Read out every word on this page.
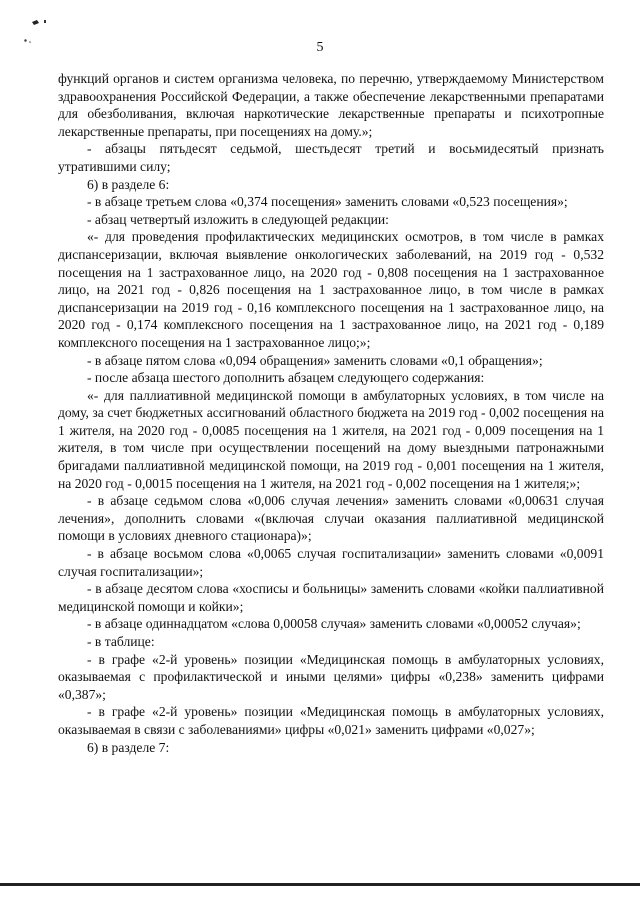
5

функций органов и систем организма человека, по перечню, утверждаемому Министерством здравоохранения Российской Федерации, а также обеспечение лекарственными препаратами для обезболивания, включая наркотические лекарственные препараты и психотропные лекарственные препараты, при посещениях на дому.»;

- абзацы пятьдесят седьмой, шестьдесят третий и восьмидесятый признать утратившими силу;

6) в разделе 6:

- в абзаце третьем слова «0,374 посещения» заменить словами «0,523 посещения»;

- абзац четвертый изложить в следующей редакции:

«- для проведения профилактических медицинских осмотров, в том числе в рамках диспансеризации, включая выявление онкологических заболеваний, на 2019 год - 0,532 посещения на 1 застрахованное лицо, на 2020 год - 0,808 посещения на 1 застрахованное лицо, на 2021 год - 0,826 посещения на 1 застрахованное лицо, в том числе в рамках диспансеризации на 2019 год - 0,16 комплексного посещения на 1 застрахованное лицо, на 2020 год - 0,174 комплексного посещения на 1 застрахованное лицо, на 2021 год - 0,189 комплексного посещения на 1 застрахованное лицо;»;

- в абзаце пятом слова «0,094 обращения» заменить словами «0,1 обращения»;

- после абзаца шестого дополнить абзацем следующего содержания:

«- для паллиативной медицинской помощи в амбулаторных условиях, в том числе на дому, за счет бюджетных ассигнований областного бюджета на 2019 год - 0,002 посещения на 1 жителя, на 2020 год - 0,0085 посещения на 1 жителя, на 2021 год - 0,009 посещения на 1 жителя, в том числе при осуществлении посещений на дому выездными патронажными бригадами паллиативной медицинской помощи, на 2019 год - 0,001 посещения на 1 жителя, на 2020 год - 0,0015 посещения на 1 жителя, на 2021 год - 0,002 посещения на 1 жителя;»;

- в абзаце седьмом слова «0,006 случая лечения» заменить словами «0,00631 случая лечения», дополнить словами «(включая случаи оказания паллиативной медицинской помощи в условиях дневного стационара)»;

- в абзаце восьмом слова «0,0065 случая госпитализации» заменить словами «0,0091 случая госпитализации»;

- в абзаце десятом слова «хосписы и больницы» заменить словами «койки паллиативной медицинской помощи и койки»;

- в абзаце одиннадцатом «слова 0,00058 случая» заменить словами «0,00052 случая»;

- в таблице:

- в графе «2-й уровень» позиции «Медицинская помощь в амбулаторных условиях, оказываемая с профилактической и иными целями» цифры «0,238» заменить цифрами «0,387»;

- в графе «2-й уровень» позиции «Медицинская помощь в амбулаторных условиях, оказываемая в связи с заболеваниями» цифры «0,021» заменить цифрами «0,027»;

6) в разделе 7:
